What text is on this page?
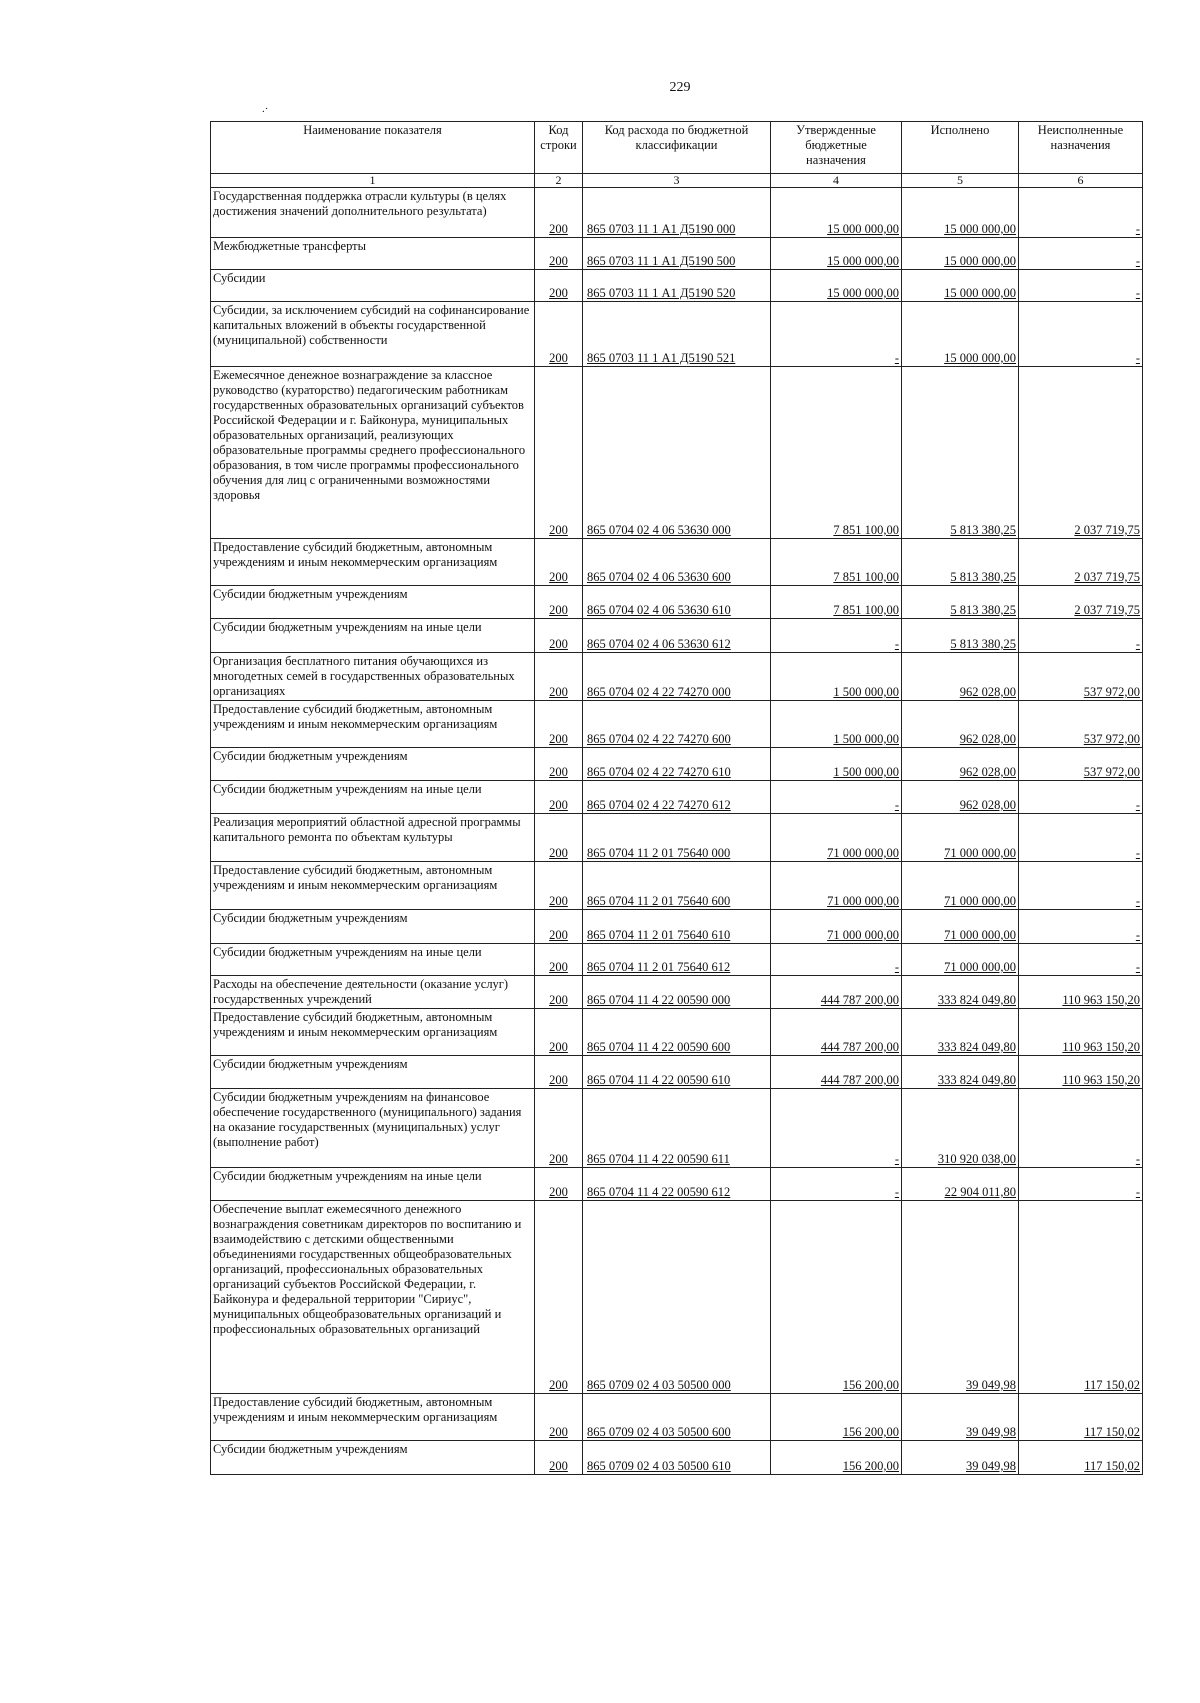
229
.·
Наименование показателя	Код строки	Код расхода по бюджетной классификации	Утвержденные бюджетные назначения	Исполнено	Неисполненные назначения
1	2	3	4	5	6
Государственная поддержка отрасли культуры (в целях достижения значений дополнительного результата)	200	865 0703 11 1 А1 Д5190 000	15 000 000,00	15 000 000,00	-
Межбюджетные трансферты	200	865 0703 11 1 А1 Д5190 500	15 000 000,00	15 000 000,00	-
Субсидии	200	865 0703 11 1 А1 Д5190 520	15 000 000,00	15 000 000,00	-
Субсидии, за исключением субсидий на софинансирование капитальных вложений в объекты государственной (муниципальной) собственности	200	865 0703 11 1 А1 Д5190 521	-	15 000 000,00	-
Ежемесячное денежное вознаграждение за классное руководство (кураторство) педагогическим работникам государственных образовательных организаций субъектов Российской Федерации и г. Байконура, муниципальных образовательных организаций, реализующих образовательные программы среднего профессионального образования, в том числе программы профессионального обучения для лиц с ограниченными возможностями здоровья	200	865 0704 02 4 06 53630 000	7 851 100,00	5 813 380,25	2 037 719,75
Предоставление субсидий бюджетным, автономным учреждениям и иным некоммерческим организациям	200	865 0704 02 4 06 53630 600	7 851 100,00	5 813 380,25	2 037 719,75
Субсидии бюджетным учреждениям	200	865 0704 02 4 06 53630 610	7 851 100,00	5 813 380,25	2 037 719,75
Субсидии бюджетным учреждениям на иные цели	200	865 0704 02 4 06 53630 612	-	5 813 380,25	-
Организация бесплатного питания обучающихся из многодетных семей в государственных образовательных организациях	200	865 0704 02 4 22 74270 000	1 500 000,00	962 028,00	537 972,00
Предоставление субсидий бюджетным, автономным учреждениям и иным некоммерческим организациям	200	865 0704 02 4 22 74270 600	1 500 000,00	962 028,00	537 972,00
Субсидии бюджетным учреждениям	200	865 0704 02 4 22 74270 610	1 500 000,00	962 028,00	537 972,00
Субсидии бюджетным учреждениям на иные цели	200	865 0704 02 4 22 74270 612	-	962 028,00	-
Реализация мероприятий областной адресной программы капитального ремонта по объектам культуры	200	865 0704 11 2 01 75640 000	71 000 000,00	71 000 000,00	-
Предоставление субсидий бюджетным, автономным учреждениям и иным некоммерческим организациям	200	865 0704 11 2 01 75640 600	71 000 000,00	71 000 000,00	-
Субсидии бюджетным учреждениям	200	865 0704 11 2 01 75640 610	71 000 000,00	71 000 000,00	-
Субсидии бюджетным учреждениям на иные цели	200	865 0704 11 2 01 75640 612	-	71 000 000,00	-
Расходы на обеспечение деятельности (оказание услуг) государственных учреждений	200	865 0704 11 4 22 00590 000	444 787 200,00	333 824 049,80	110 963 150,20
Предоставление субсидий бюджетным, автономным учреждениям и иным некоммерческим организациям	200	865 0704 11 4 22 00590 600	444 787 200,00	333 824 049,80	110 963 150,20
Субсидии бюджетным учреждениям	200	865 0704 11 4 22 00590 610	444 787 200,00	333 824 049,80	110 963 150,20
Субсидии бюджетным учреждениям на финансовое обеспечение государственного (муниципального) задания на оказание государственных (муниципальных) услуг (выполнение работ)	200	865 0704 11 4 22 00590 611	-	310 920 038,00	-
Субсидии бюджетным учреждениям на иные цели	200	865 0704 11 4 22 00590 612	-	22 904 011,80	-
Обеспечение выплат ежемесячного денежного вознаграждения советникам директоров по воспитанию и взаимодействию с детскими общественными объединениями государственных общеобразовательных организаций, профессиональных образовательных организаций субъектов Российской Федерации, г. Байконура и федеральной территории "Сириус", муниципальных общеобразовательных организаций и профессиональных образовательных организаций	200	865 0709 02 4 03 50500 000	156 200,00	39 049,98	117 150,02
Предоставление субсидий бюджетным, автономным учреждениям и иным некоммерческим организациям	200	865 0709 02 4 03 50500 600	156 200,00	39 049,98	117 150,02
Субсидии бюджетным учреждениям	200	865 0709 02 4 03 50500 610	156 200,00	39 049,98	117 150,02
